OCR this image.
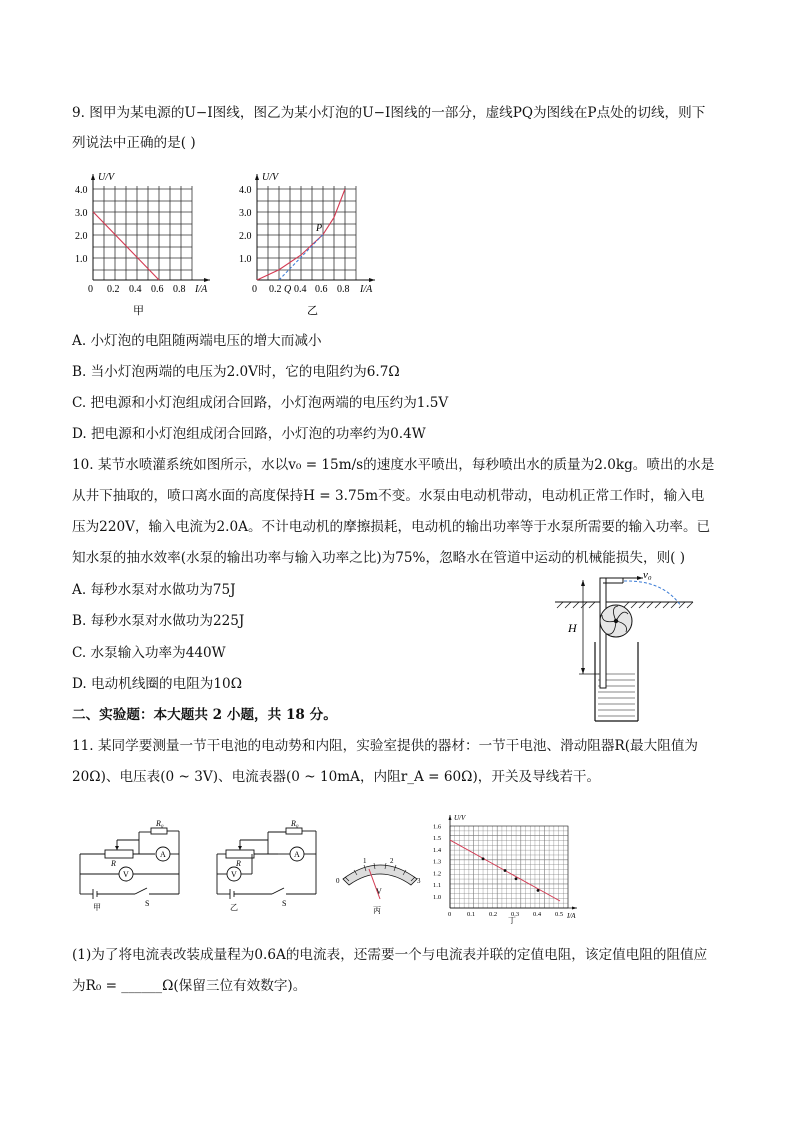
9. 图甲为某电源的U−I图线，图乙为某小灯泡的U−I图线的一部分，虚线PQ为图线在P点处的切线，则下
列说法中正确的是( )
U/V
I/A
1.0
2.0
3.0
4.0
0 0.2 0.4 0.6 0.8
甲
U/V
I/A
1.0
2.0
3.0
4.0
0 0.2 Q 0.4 0.6 0.8
P
乙
A. 小灯泡的电阻随两端电压的增大而减小
B. 当小灯泡两端的电压为2.0V时，它的电阻约为6.7Ω
C. 把电源和小灯泡组成闭合回路，小灯泡两端的电压约为1.5V
D. 把电源和小灯泡组成闭合回路，小灯泡的功率约为0.4W
10. 某节水喷灌系统如图所示，水以v₀ = 15m/s的速度水平喷出，每秒喷出水的质量为2.0kg。喷出的水是
从井下抽取的，喷口离水面的高度保持H = 3.75m不变。水泵由电动机带动，电动机正常工作时，输入电
压为220V，输入电流为2.0A。不计电动机的摩擦损耗，电动机的输出功率等于水泵所需要的输入功率。已
知水泵的抽水效率(水泵的输出功率与输入功率之比)为75%，忽略水在管道中运动的机械能损失，则( )
A. 每秒水泵对水做功为75J
B. 每秒水泵对水做功为225J
C. 水泵输入功率为440W
D. 电动机线圈的电阻为10Ω
v₀
H
二、实验题：本大题共 2 小题，共 18 分。
11. 某同学要测量一节干电池的电动势和内阻，实验室提供的器材：一节干电池、滑动阻器R(最大阻值为
20Ω)、电压表(0 ~ 3V)、电流表器(0 ~ 10mA，内阻r_A = 60Ω)，开关及导线若干。
R₀
R
A
V
S
甲
R₀
R
A
V
S
乙
0
1	2
3
V
丙
1.0
1.1
1.2
1.3
1.4
1.5
1.6
0 0.1 0.2 0.3 0.4 0.5
U/V
I/A
丁
(1)为了将电流表改装成量程为0.6A的电流表，还需要一个与电流表并联的定值电阻，该定值电阻的阻值应
为R₀ = ______Ω(保留三位有效数字)。
